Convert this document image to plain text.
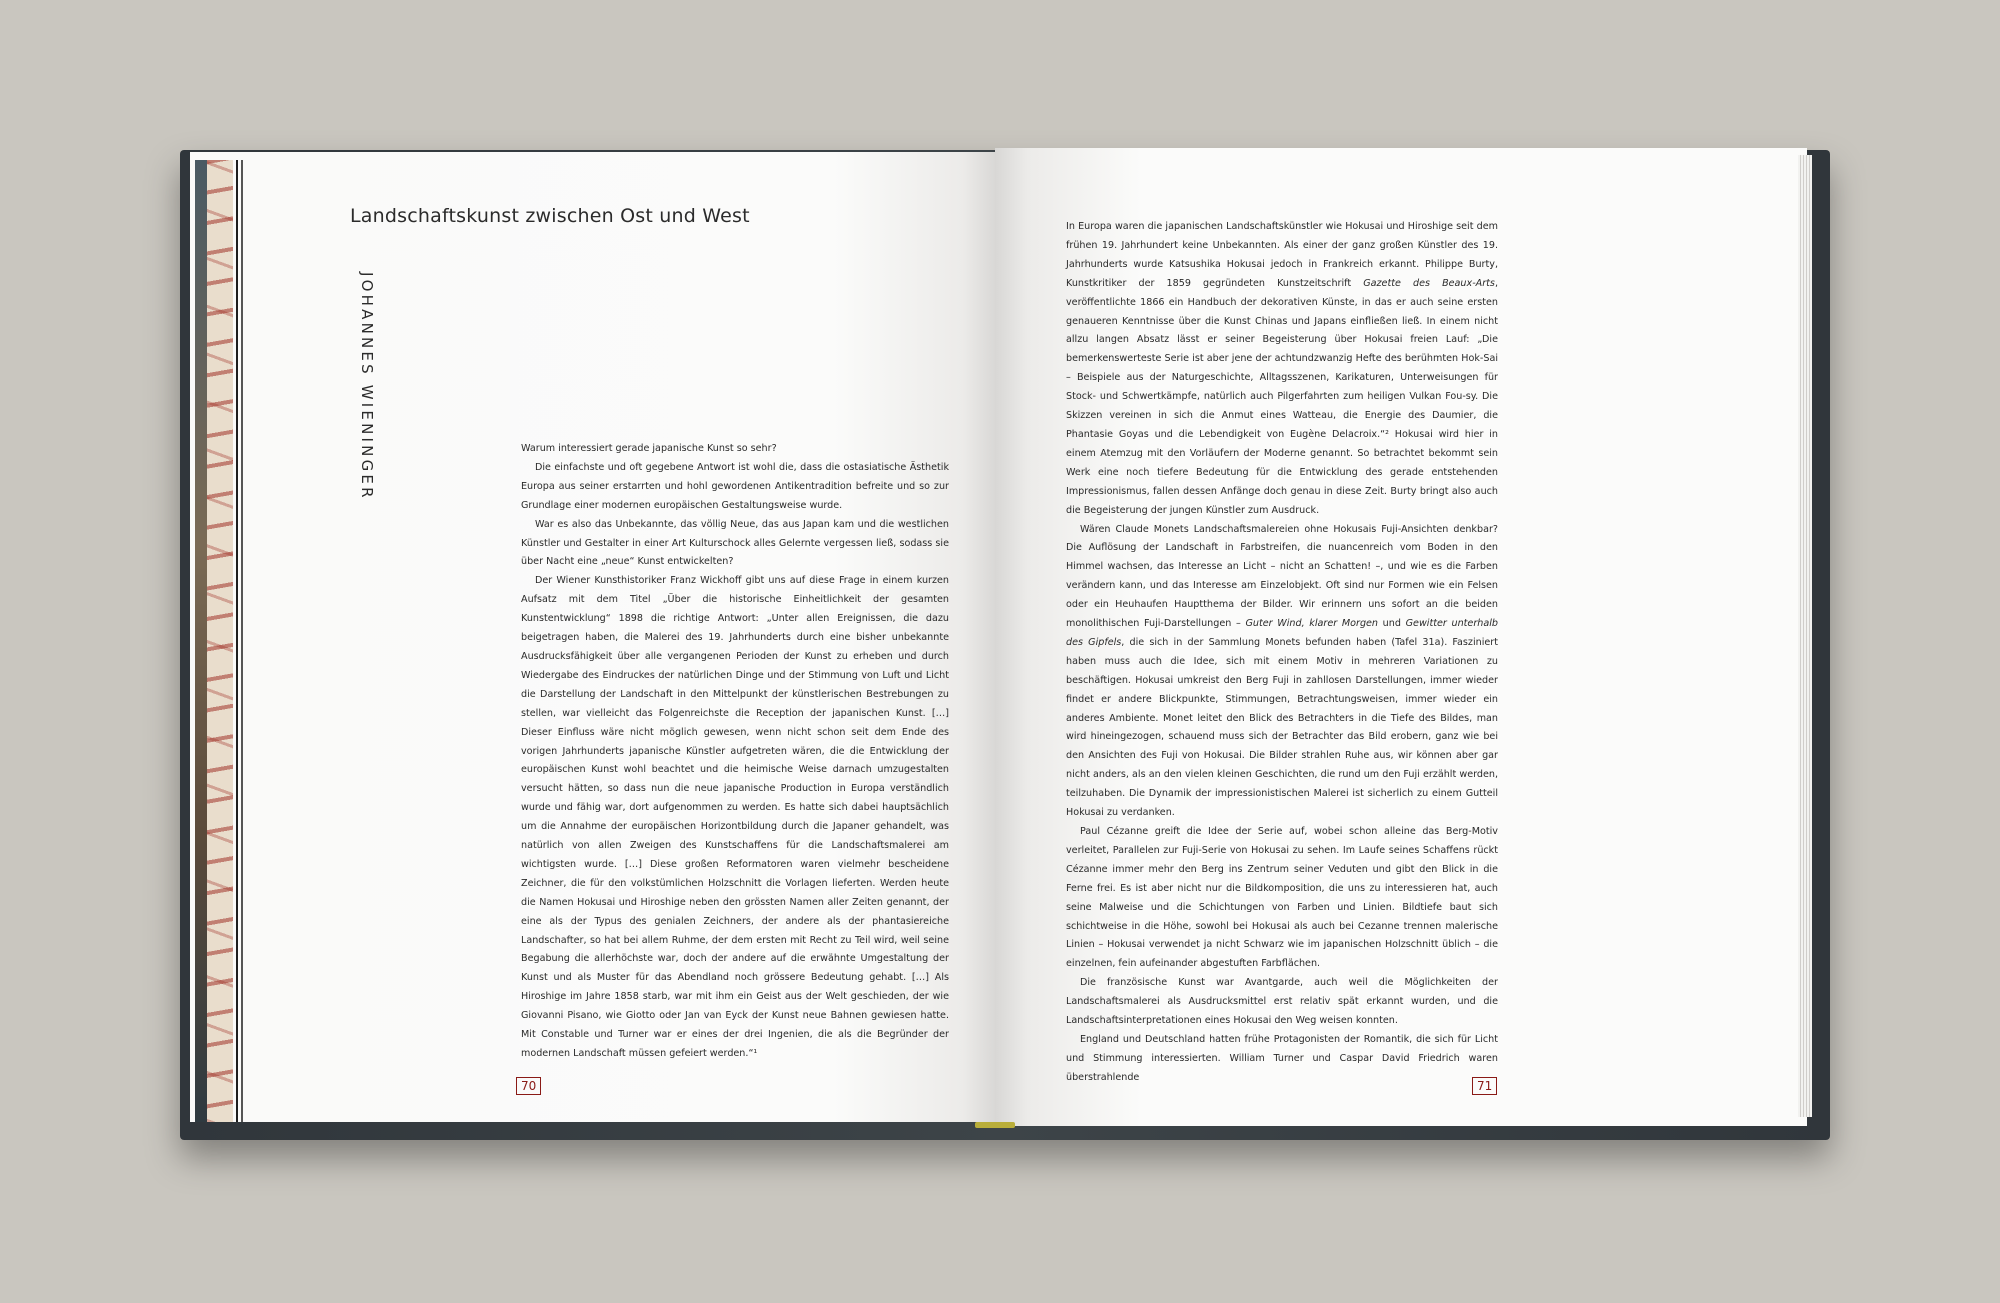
Landschaftskunst zwischen Ost und West
JOHANNES WIENINGER	Warum interessiert gerade japanische Kunst so sehr?

Die einfachste und oft gegebene Antwort ist wohl die, dass die ostasiatische Ästhetik Europa aus seiner erstarrten und hohl gewordenen Antikentradition befreite und so zur Grundlage einer modernen europäischen Gestaltungsweise wurde.

War es also das Unbekannte, das völlig Neue, das aus Japan kam und die westlichen Künstler und Gestalter in einer Art Kulturschock alles Gelernte vergessen ließ, sodass sie über Nacht eine „neue“ Kunst entwickelten?

Der Wiener Kunsthistoriker Franz Wickhoff gibt uns auf diese Frage in einem kurzen Aufsatz mit dem Titel „Über die historische Einheitlichkeit der gesamten Kunstentwicklung“ 1898 die richtige Antwort: „Unter allen Ereignissen, die dazu beigetragen haben, die Malerei des 19. Jahrhunderts durch eine bisher unbekannte Ausdrucksfähigkeit über alle vergangenen Perioden der Kunst zu erheben und durch Wiedergabe des Eindruckes der natürlichen Dinge und der Stimmung von Luft und Licht die Darstellung der Landschaft in den Mittelpunkt der künstlerischen Bestrebungen zu stellen, war vielleicht das Folgenreichste die Reception der japanischen Kunst. […] Dieser Einfluss wäre nicht möglich gewesen, wenn nicht schon seit dem Ende des vorigen Jahrhunderts japanische Künstler aufgetreten wären, die die Entwicklung der europäischen Kunst wohl beachtet und die heimische Weise darnach umzugestalten versucht hätten, so dass nun die neue japanische Production in Europa verständlich wurde und fähig war, dort aufgenommen zu werden. Es hatte sich dabei hauptsächlich um die Annahme der europäischen Horizontbildung durch die Japaner gehandelt, was natürlich von allen Zweigen des Kunstschaffens für die Landschaftsmalerei am wichtigsten wurde. […] Diese großen Reformatoren waren vielmehr bescheidene Zeichner, die für den volkstümlichen Holzschnitt die Vorlagen lieferten. Werden heute die Namen Hokusai und Hiroshige neben den grössten Namen aller Zeiten genannt, der eine als der Typus des genialen Zeichners, der andere als der phantasiereiche Landschafter, so hat bei allem Ruhme, der dem ersten mit Recht zu Teil wird, weil seine Begabung die allerhöchste war, doch der andere auf die erwähnte Umgestaltung der Kunst und als Muster für das Abendland noch grössere Bedeutung gehabt. […] Als Hiroshige im Jahre 1858 starb, war mit ihm ein Geist aus der Welt geschieden, der wie Giovanni Pisano, wie Giotto oder Jan van Eyck der Kunst neue Bahnen gewiesen hatte. Mit Constable und Turner war er eines der drei Ingenien, die als die Begründer der modernen Landschaft müssen gefeiert werden.“¹

In Europa waren die japanischen Landschaftskünstler wie Hokusai und Hiroshige seit dem frühen 19. Jahrhundert keine Unbekannten. Als einer der ganz großen Künstler des 19. Jahrhunderts wurde Katsushika Hokusai jedoch in Frankreich erkannt. Philippe Burty, Kunstkritiker der 1859 gegründeten Kunstzeitschrift Gazette des Beaux-Arts, veröffentlichte 1866 ein Handbuch der dekorativen Künste, in das er auch seine ersten genaueren Kenntnisse über die Kunst Chinas und Japans einfließen ließ. In einem nicht allzu langen Absatz lässt er seiner Begeisterung über Hokusai freien Lauf: „Die bemerkenswerteste Serie ist aber jene der achtundzwanzig Hefte des berühmten Hok-Sai – Beispiele aus der Naturgeschichte, Alltagsszenen, Karikaturen, Unterweisungen für Stock- und Schwertkämpfe, natürlich auch Pilgerfahrten zum heiligen Vulkan Fou-sy. Die Skizzen vereinen in sich die Anmut eines Watteau, die Energie des Daumier, die Phantasie Goyas und die Lebendigkeit von Eugène Delacroix.“² Hokusai wird hier in einem Atemzug mit den Vorläufern der Moderne genannt. So betrachtet bekommt sein Werk eine noch tiefere Bedeutung für die Entwicklung des gerade entstehenden Impressionismus, fallen dessen Anfänge doch genau in diese Zeit. Burty bringt also auch die Begeisterung der jungen Künstler zum Ausdruck.

Wären Claude Monets Landschaftsmalereien ohne Hokusais Fuji-Ansichten denkbar? Die Auflösung der Landschaft in Farbstreifen, die nuancenreich vom Boden in den Himmel wachsen, das Interesse an Licht – nicht an Schatten! –, und wie es die Farben verändern kann, und das Interesse am Einzelobjekt. Oft sind nur Formen wie ein Felsen oder ein Heuhaufen Hauptthema der Bilder. Wir erinnern uns sofort an die beiden monolithischen Fuji-Darstellungen – Guter Wind, klarer Morgen und Gewitter unterhalb des Gipfels, die sich in der Sammlung Monets befunden haben (Tafel 31a). Fasziniert haben muss auch die Idee, sich mit einem Motiv in mehreren Variationen zu beschäftigen. Hokusai umkreist den Berg Fuji in zahllosen Darstellungen, immer wieder findet er andere Blickpunkte, Stimmungen, Betrachtungsweisen, immer wieder ein anderes Ambiente. Monet leitet den Blick des Betrachters in die Tiefe des Bildes, man wird hineingezogen, schauend muss sich der Betrachter das Bild erobern, ganz wie bei den Ansichten des Fuji von Hokusai. Die Bilder strahlen Ruhe aus, wir können aber gar nicht anders, als an den vielen kleinen Geschichten, die rund um den Fuji erzählt werden, teilzuhaben. Die Dynamik der impressionistischen Malerei ist sicherlich zu einem Gutteil Hokusai zu verdanken.

Paul Cézanne greift die Idee der Serie auf, wobei schon alleine das Berg-Motiv verleitet, Parallelen zur Fuji-Serie von Hokusai zu sehen. Im Laufe seines Schaffens rückt Cézanne immer mehr den Berg ins Zentrum seiner Veduten und gibt den Blick in die Ferne frei. Es ist aber nicht nur die Bildkomposition, die uns zu interessieren hat, auch seine Malweise und die Schichtungen von Farben und Linien. Bildtiefe baut sich schichtweise in die Höhe, sowohl bei Hokusai als auch bei Cezanne trennen malerische Linien – Hokusai verwendet ja nicht Schwarz wie im japanischen Holzschnitt üblich – die einzelnen, fein aufeinander abgestuften Farbflächen.

Die französische Kunst war Avantgarde, auch weil die Möglichkeiten der Landschaftsmalerei als Ausdrucksmittel erst relativ spät erkannt wurden, und die Landschaftsinterpretationen eines Hokusai den Weg weisen konnten.

England und Deutschland hatten frühe Protagonisten der Romantik, die sich für Licht und Stimmung interessierten. William Turner und Caspar David Friedrich waren überstrahlende

70	71
